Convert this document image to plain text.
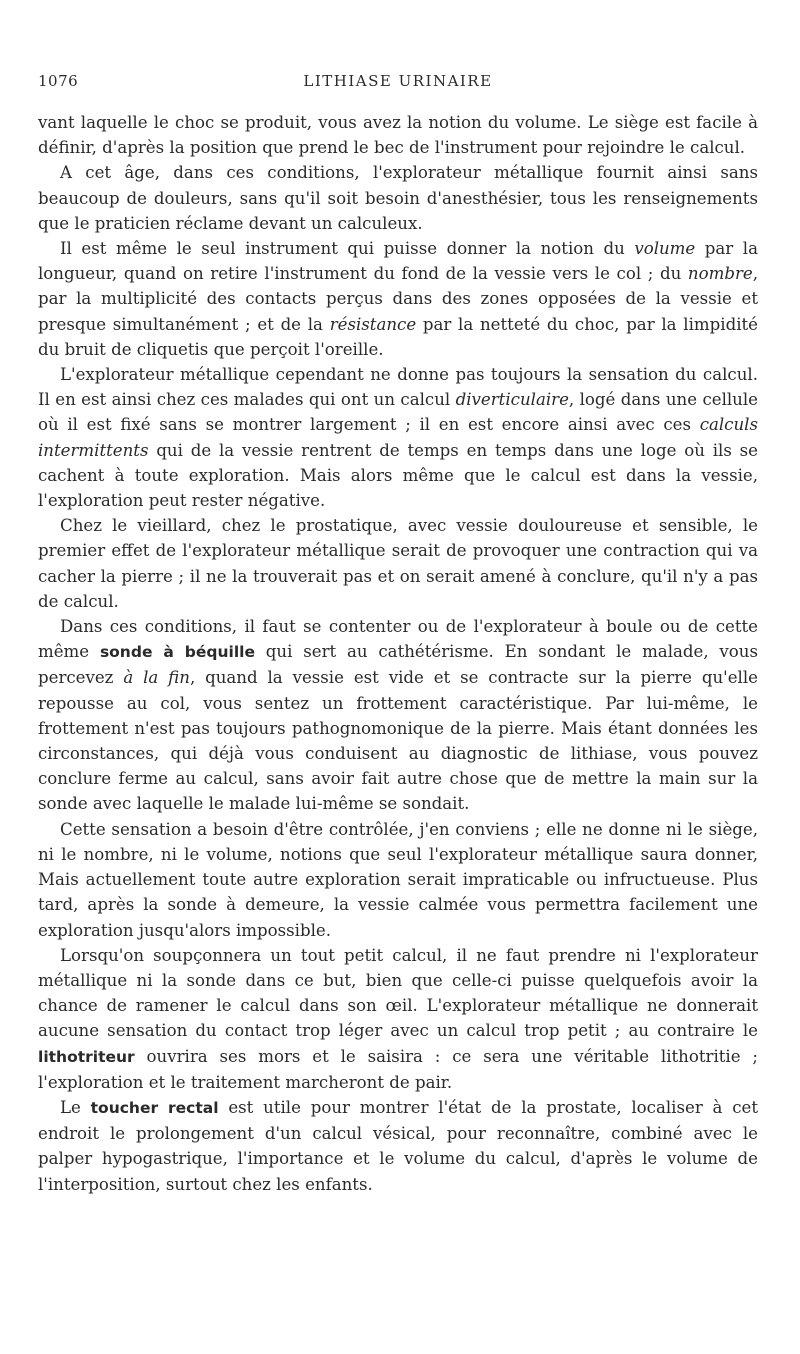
1076	LITHIASE URINAIRE

vant laquelle le choc se produit, vous avez la notion du volume. Le siège est facile à définir, d'après la position que prend le bec de l'instrument pour rejoindre le calcul.

A cet âge, dans ces conditions, l'explorateur métallique fournit ainsi sans beaucoup de douleurs, sans qu'il soit besoin d'anesthésier, tous les renseignements que le praticien réclame devant un calculeux.

Il est même le seul instrument qui puisse donner la notion du volume par la longueur, quand on retire l'instrument du fond de la vessie vers le col ; du nombre, par la multiplicité des contacts perçus dans des zones opposées de la vessie et presque simultanément ; et de la résistance par la netteté du choc, par la limpidité du bruit de cliquetis que perçoit l'oreille.

L'explorateur métallique cependant ne donne pas toujours la sensation du calcul. Il en est ainsi chez ces malades qui ont un calcul diverticulaire, logé dans une cellule où il est fixé sans se montrer largement ; il en est encore ainsi avec ces calculs intermittents qui de la vessie rentrent de temps en temps dans une loge où ils se cachent à toute exploration. Mais alors même que le calcul est dans la vessie, l'exploration peut rester négative.

Chez le vieillard, chez le prostatique, avec vessie douloureuse et sensible, le premier effet de l'explorateur métallique serait de provoquer une contraction qui va cacher la pierre ; il ne la trouverait pas et on serait amené à conclure, qu'il n'y a pas de calcul.

Dans ces conditions, il faut se contenter ou de l'explorateur à boule ou de cette même sonde à béquille qui sert au cathétérisme. En sondant le malade, vous percevez à la fin, quand la vessie est vide et se contracte sur la pierre qu'elle repousse au col, vous sentez un frottement caractéristique. Par lui-même, le frottement n'est pas toujours pathognomonique de la pierre. Mais étant données les circonstances, qui déjà vous conduisent au diagnostic de lithiase, vous pouvez conclure ferme au calcul, sans avoir fait autre chose que de mettre la main sur la sonde avec laquelle le malade lui-même se sondait.

Cette sensation a besoin d'être contrôlée, j'en conviens ; elle ne donne ni le siège, ni le nombre, ni le volume, notions que seul l'explorateur métallique saura donner, Mais actuellement toute autre exploration serait impraticable ou infructueuse. Plus tard, après la sonde à demeure, la vessie calmée vous permettra facilement une exploration jusqu'alors impossible.

Lorsqu'on soupçonnera un tout petit calcul, il ne faut prendre ni l'explorateur métallique ni la sonde dans ce but, bien que celle-ci puisse quelquefois avoir la chance de ramener le calcul dans son œil. L'explorateur métallique ne donnerait aucune sensation du contact trop léger avec un calcul trop petit ; au contraire le lithotriteur ouvrira ses mors et le saisira : ce sera une véritable lithotritie ; l'exploration et le traitement marcheront de pair.

Le toucher rectal est utile pour montrer l'état de la prostate, localiser à cet endroit le prolongement d'un calcul vésical, pour reconnaître, combiné avec le palper hypogastrique, l'importance et le volume du calcul, d'après le volume de l'interposition, surtout chez les enfants.
